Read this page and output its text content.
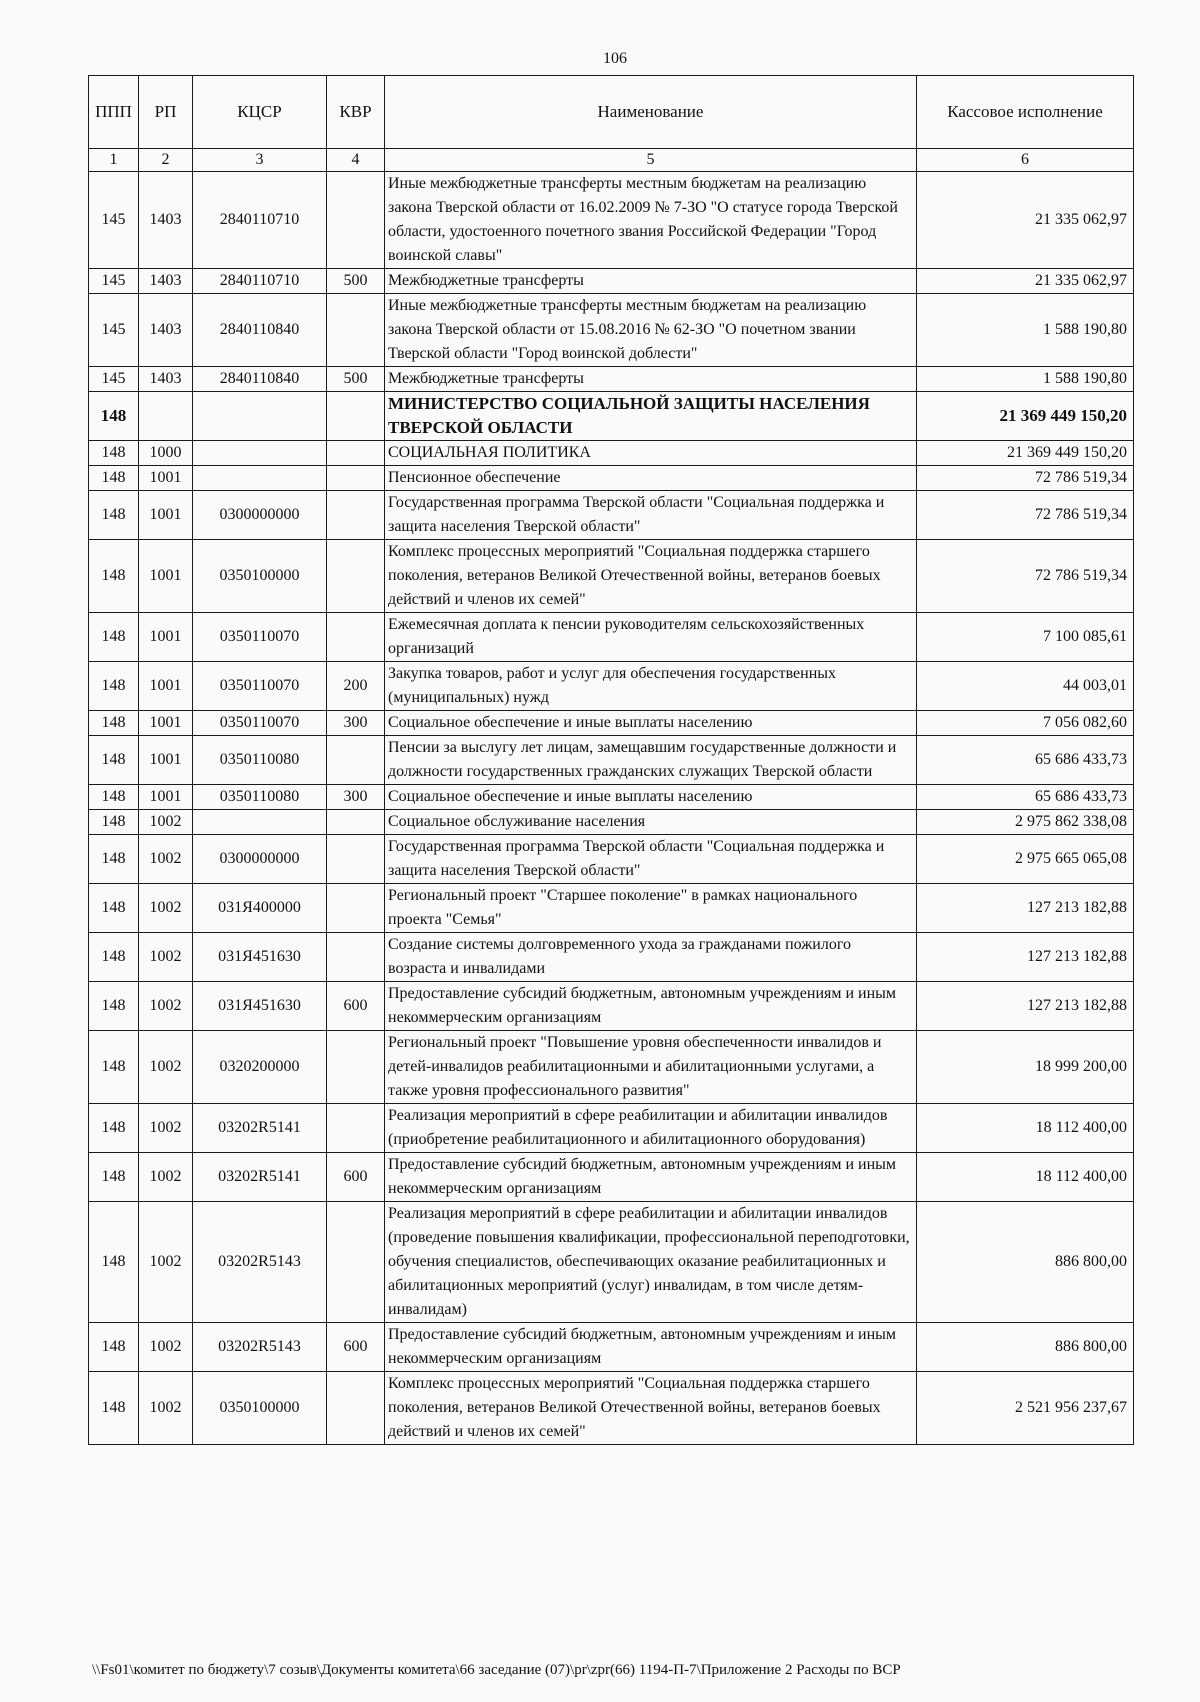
106
ППП	РП	КЦСР	КВР	Наименование	Кассовое исполнение
1	2	3	4	5	6
145	1403	2840110710		Иные межбюджетные трансферты местным бюджетам на реализацию закона Тверской области от 16.02.2009 № 7-ЗО "О статусе города Тверской области, удостоенного почетного звания Российской Федерации "Город воинской славы"	21 335 062,97
145	1403	2840110710	500	Межбюджетные трансферты	21 335 062,97
145	1403	2840110840		Иные межбюджетные трансферты местным бюджетам на реализацию закона Тверской области от 15.08.2016 № 62-ЗО "О почетном звании Тверской области "Город воинской доблести"	1 588 190,80
145	1403	2840110840	500	Межбюджетные трансферты	1 588 190,80
148				МИНИСТЕРСТВО СОЦИАЛЬНОЙ ЗАЩИТЫ НАСЕЛЕНИЯ ТВЕРСКОЙ ОБЛАСТИ	21 369 449 150,20
148	1000			СОЦИАЛЬНАЯ ПОЛИТИКА	21 369 449 150,20
148	1001			Пенсионное обеспечение	72 786 519,34
148	1001	0300000000		Государственная программа Тверской области "Социальная поддержка и защита населения Тверской области"	72 786 519,34
148	1001	0350100000		Комплекс процессных мероприятий "Социальная поддержка старшего поколения, ветеранов Великой Отечественной войны, ветеранов боевых действий и членов их семей"	72 786 519,34
148	1001	0350110070		Ежемесячная доплата к пенсии руководителям сельскохозяйственных организаций	7 100 085,61
148	1001	0350110070	200	Закупка товаров, работ и услуг для обеспечения государственных (муниципальных) нужд	44 003,01
148	1001	0350110070	300	Социальное обеспечение и иные выплаты населению	7 056 082,60
148	1001	0350110080		Пенсии за выслугу лет лицам, замещавшим государственные должности и должности государственных гражданских служащих Тверской области	65 686 433,73
148	1001	0350110080	300	Социальное обеспечение и иные выплаты населению	65 686 433,73
148	1002			Социальное обслуживание населения	2 975 862 338,08
148	1002	0300000000		Государственная программа Тверской области "Социальная поддержка и защита населения Тверской области"	2 975 665 065,08
148	1002	031Я400000		Региональный проект "Старшее поколение" в рамках национального проекта "Семья"	127 213 182,88
148	1002	031Я451630		Создание системы долговременного ухода за гражданами пожилого возраста и инвалидами	127 213 182,88
148	1002	031Я451630	600	Предоставление субсидий бюджетным, автономным учреждениям и иным некоммерческим организациям	127 213 182,88
148	1002	0320200000		Региональный проект "Повышение уровня обеспеченности инвалидов и детей-инвалидов реабилитационными и абилитационными услугами, а также уровня профессионального развития"	18 999 200,00
148	1002	03202R5141		Реализация мероприятий в сфере реабилитации и абилитации инвалидов (приобретение реабилитационного и абилитационного оборудования)	18 112 400,00
148	1002	03202R5141	600	Предоставление субсидий бюджетным, автономным учреждениям и иным некоммерческим организациям	18 112 400,00
148	1002	03202R5143		Реализация мероприятий в сфере реабилитации и абилитации инвалидов (проведение повышения квалификации, профессиональной переподготовки, обучения специалистов, обеспечивающих оказание реабилитационных и абилитационных мероприятий (услуг) инвалидам, в том числе детям-инвалидам)	886 800,00
148	1002	03202R5143	600	Предоставление субсидий бюджетным, автономным учреждениям и иным некоммерческим организациям	886 800,00
148	1002	0350100000		Комплекс процессных мероприятий "Социальная поддержка старшего поколения, ветеранов Великой Отечественной войны, ветеранов боевых действий и членов их семей"	2 521 956 237,67
\\Fs01\комитет по бюджету\7 созыв\Документы комитета\66 заседание (07)\pr\zpr(66) 1194-П-7\Приложение 2 Расходы по ВСР
